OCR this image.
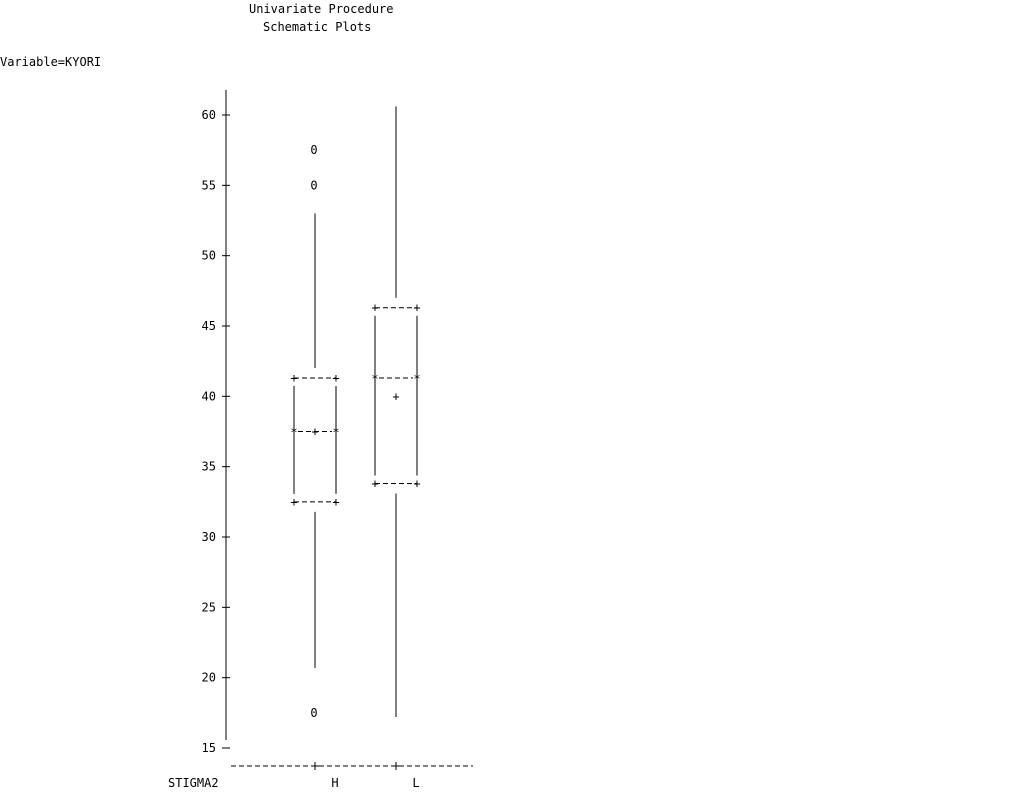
Univariate Procedure
Schematic Plots
Variable=KYORI
STIGMA2
15
20
25
30
35
40
45
50
55
60
H	L
+	+
+	+
*	*
+
0
0
0
+	+
+	+
*	*
+
